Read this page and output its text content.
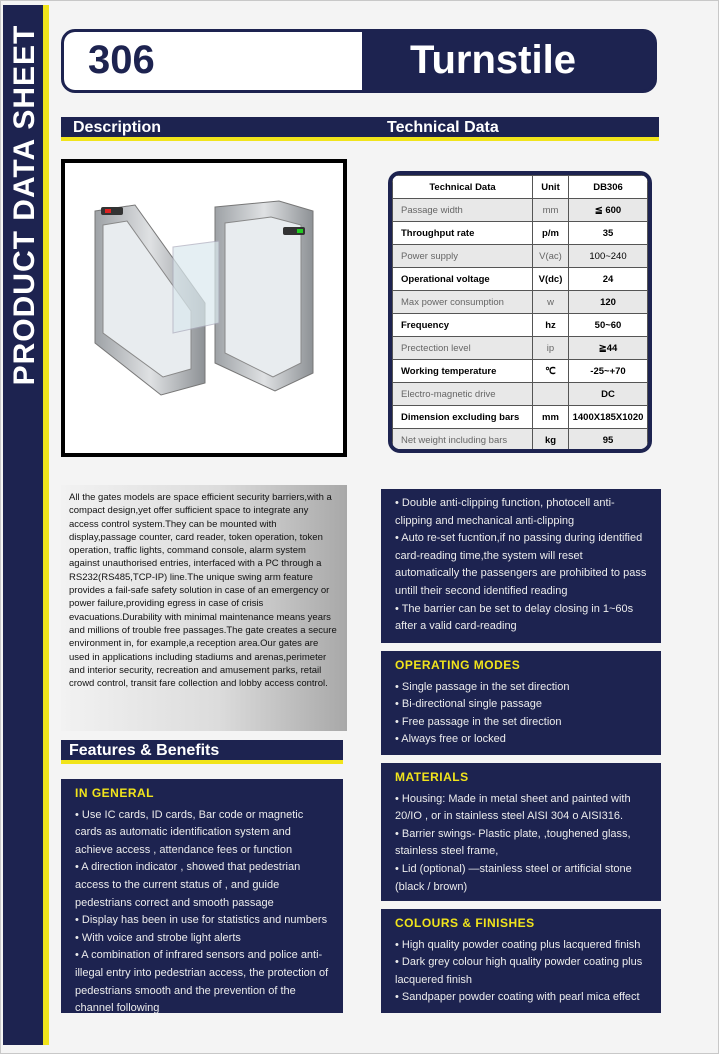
PRODUCT DATA SHEET 306	Turnstile
Description	Technical Data
Technical Data	Unit	DB306
Passage width	mm	≦ 600
Throughput rate	p/m	35
Power supply	V(ac)	100~240
Operational voltage	V(dc)	24
Max power consumption	w	120
Frequency	hz	50~60
Prectection level	ip	≧44
Working temperature	℃	-25~+70
Electro-magnetic drive		DC
Dimension excluding bars	mm	1400X185X1020
Net weight including bars	kg	95
All the gates models are space efficient security barriers,with a compact design,yet offer sufficient space to integrate any access control system.They can be mounted with display,passage counter, card reader, token operation, token operation, traffic lights, command console, alarm system against unauthorised entries, interfaced with a PC through a RS232(RS485,TCP-IP) line.The unique swing arm feature provides a fail-safe safety solution in case of an emergency or power failure,providing egress in case of crisis evacuations.Durability with minimal maintenance means years and millions of trouble free passages.The gate creates a secure environment in, for example,a reception area.Our gates are used in applications including stadiums and arenas,perimeter and interior security, recreation and amusement parks, retail crowd control, transit fare collection and lobby access control.
Features & Benefits
IN GENERAL

• Use IC cards, ID cards, Bar code or magnetic cards as automatic identification system and achieve access , attendance fees or function

• A direction indicator , showed that pedestrian access to the current status of , and guide pedestrians correct and smooth passage

• Display has been in use for statistics and numbers

• With voice and strobe light alerts

• A combination of infrared sensors and police anti-illegal entry into pedestrian access, the protection of pedestrians smooth and the prevention of the channel following

• Double anti-clipping function, photocell anti-clipping and mechanical anti-clipping

• Auto re-set fucntion,if no passing during identified card-reading time,the system will reset automatically the passengers are prohibited to pass untill their second identified reading

• The barrier can be set to delay closing in 1~60s after a valid card-reading

OPERATING MODES

• Single passage in the set direction

• Bi-directional single passage

• Free passage in the set direction

• Always free or locked

MATERIALS

• Housing: Made in metal sheet and painted with 20/IO , or in stainless steel AISI 304 o AISI316.

• Barrier swings- Plastic plate, ,toughened glass, stainless steel frame,

• Lid (optional) —stainless steel or artificial stone (black / brown)

COLOURS & FINISHES

• High quality powder coating plus lacquered finish

• Dark grey colour high quality powder coating plus lacquered finish

• Sandpaper powder coating with pearl mica effect
